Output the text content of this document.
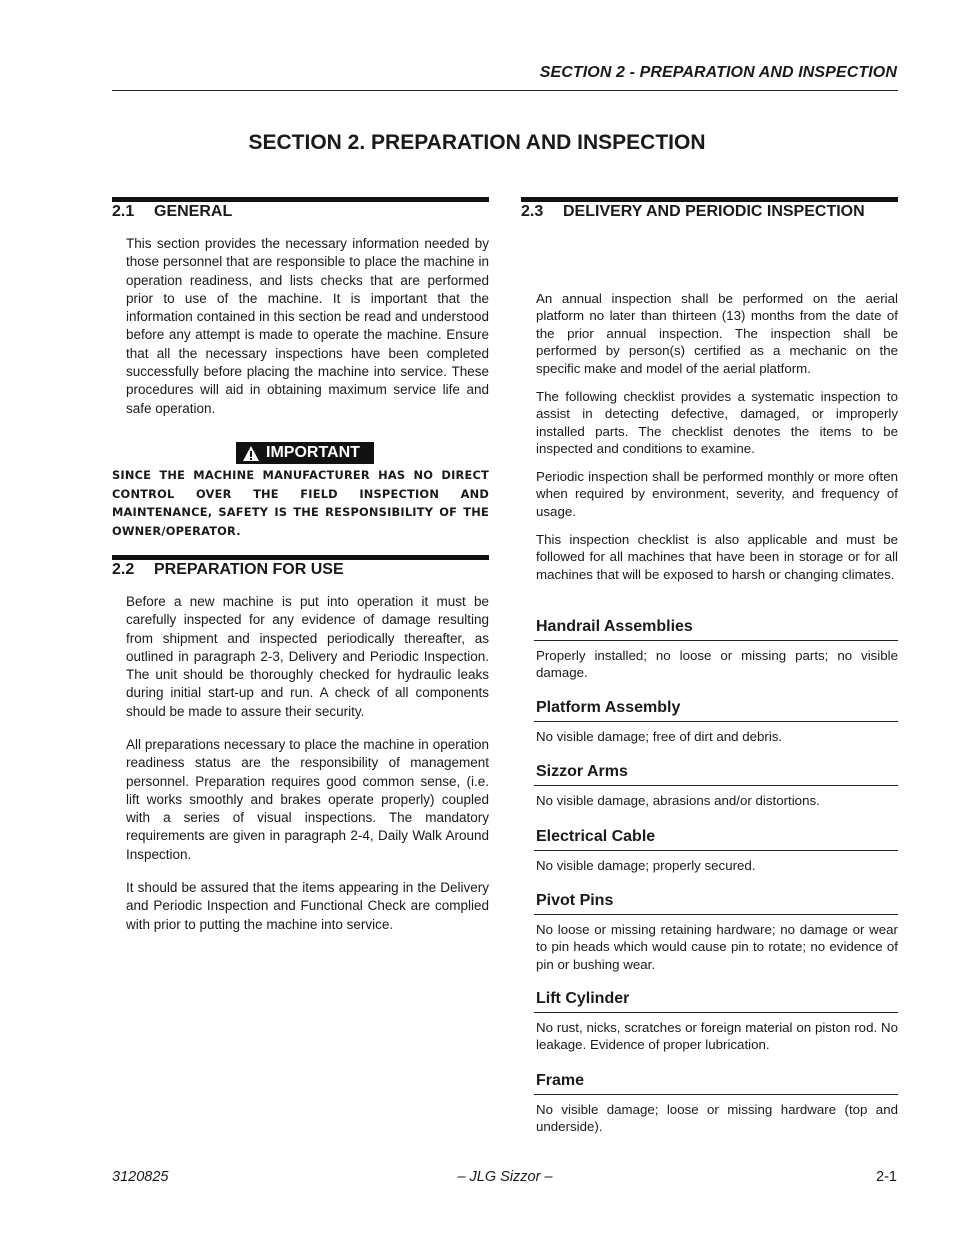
SECTION 2 - PREPARATION AND INSPECTION
SECTION 2. PREPARATION AND INSPECTION
2.1 GENERAL
This section provides the necessary information needed by those personnel that are responsible to place the machine in operation readiness, and lists checks that are performed prior to use of the machine. It is important that the information contained in this section be read and understood before any attempt is made to operate the machine. Ensure that all the necessary inspections have been completed successfully before placing the machine into service. These procedures will aid in obtaining maximum service life and safe operation.
IMPORTANT
SINCE THE MACHINE MANUFACTURER HAS NO DIRECT CONTROL OVER THE FIELD INSPECTION AND MAINTENANCE, SAFETY IS THE RESPONSIBILITY OF THE OWNER/OPERATOR.
2.2 PREPARATION FOR USE
Before a new machine is put into operation it must be carefully inspected for any evidence of damage resulting from shipment and inspected periodically thereafter, as outlined in paragraph 2-3, Delivery and Periodic Inspection. The unit should be thoroughly checked for hydraulic leaks during initial start-up and run. A check of all components should be made to assure their security.
All preparations necessary to place the machine in operation readiness status are the responsibility of management personnel. Preparation requires good common sense, (i.e. lift works smoothly and brakes operate properly) coupled with a series of visual inspections. The mandatory requirements are given in paragraph 2-4, Daily Walk Around Inspection.
It should be assured that the items appearing in the Delivery and Periodic Inspection and Functional Check are complied with prior to putting the machine into service.
2.3 DELIVERY AND PERIODIC INSPECTION
An annual inspection shall be performed on the aerial platform no later than thirteen (13) months from the date of the prior annual inspection. The inspection shall be performed by person(s) certified as a mechanic on the specific make and model of the aerial platform.
The following checklist provides a systematic inspection to assist in detecting defective, damaged, or improperly installed parts. The checklist denotes the items to be inspected and conditions to examine.
Periodic inspection shall be performed monthly or more often when required by environment, severity, and frequency of usage.
This inspection checklist is also applicable and must be followed for all machines that have been in storage or for all machines that will be exposed to harsh or changing climates.
Handrail Assemblies
Properly installed; no loose or missing parts; no visible damage.
Platform Assembly
No visible damage; free of dirt and debris.
Sizzor Arms
No visible damage, abrasions and/or distortions.
Electrical Cable
No visible damage; properly secured.
Pivot Pins
No loose or missing retaining hardware; no damage or wear to pin heads which would cause pin to rotate; no evidence of pin or bushing wear.
Lift Cylinder
No rust, nicks, scratches or foreign material on piston rod. No leakage. Evidence of proper lubrication.
Frame
No visible damage; loose or missing hardware (top and underside).
3120825	– JLG Sizzor –	2-1
